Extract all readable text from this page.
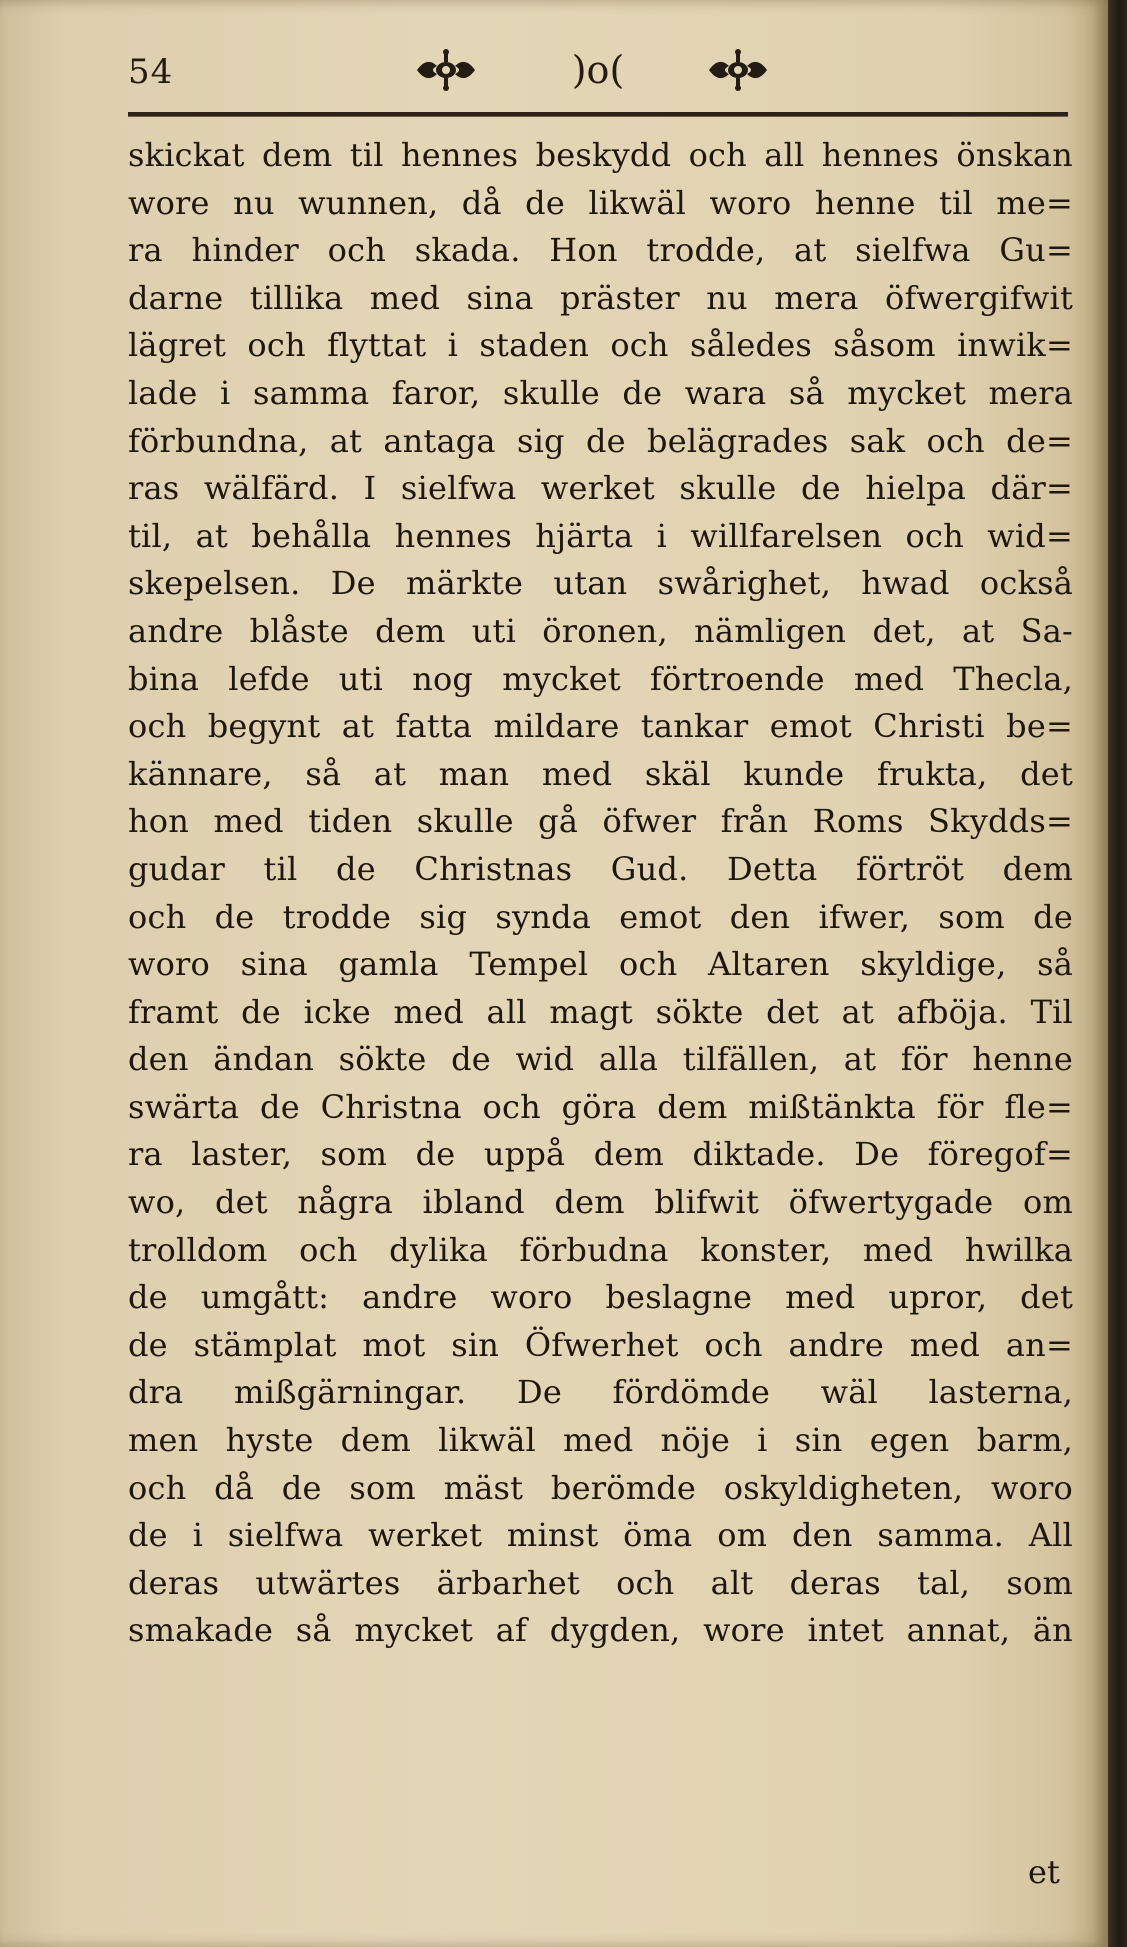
54	)o(
skickat dem til hennes beskydd och all hennes önskan
wore nu wunnen, då de likwäl woro henne til me=
ra hinder och skada. Hon trodde, at sielfwa Gu=
darne tillika med sina präster nu mera öfwergifwit
lägret och flyttat i staden och således såsom inwik=
lade i samma faror, skulle de wara så mycket mera
förbundna, at antaga sig de belägrades sak och de=
ras wälfärd. I sielfwa werket skulle de hielpa där=
til, at behålla hennes hjärta i willfarelsen och wid=
skepelsen. De märkte utan swårighet, hwad också
andre blåste dem uti öronen, nämligen det, at Sa-
bina lefde uti nog mycket förtroende med Thecla,
och begynt at fatta mildare tankar emot Christi be=
kännare, så at man med skäl kunde frukta, det
hon med tiden skulle gå öfwer från Roms Skydds=
gudar til de Christnas Gud. Detta förtröt dem
och de trodde sig synda emot den ifwer, som de
woro sina gamla Tempel och Altaren skyldige, så
framt de icke med all magt sökte det at afböja. Til
den ändan sökte de wid alla tilfällen, at för henne
swärta de Christna och göra dem mißtänkta för fle=
ra laster, som de uppå dem diktade. De föregof=
wo, det några ibland dem blifwit öfwertygade om
trolldom och dylika förbudna konster, med hwilka
de umgått: andre woro beslagne med upror, det
de stämplat mot sin Öfwerhet och andre med an=
dra mißgärningar. De fördömde wäl lasterna,
men hyste dem likwäl med nöje i sin egen barm,
och då de som mäst berömde oskyldigheten, woro
de i sielfwa werket minst öma om den samma. All
deras utwärtes ärbarhet och alt deras tal, som
smakade så mycket af dygden, wore intet annat, än
et
